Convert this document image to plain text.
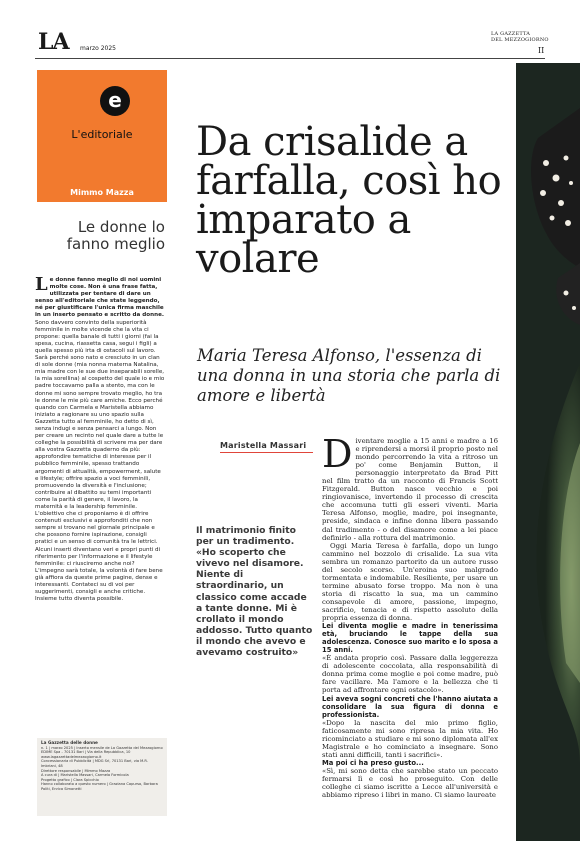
LA marzo 2025
LA GAZZETTA
DEL MEZZOGIORNO
II
e
L'editoriale
Mimmo Mazza
Le donne lo fanno meglio

Le donne fanno meglio di noi uomini molte cose. Non è una frase fatta, utilizzata per tentare di dare un senso all'editoriale che state leggendo, né per giustificare l'unica firma maschile in un inserto pensato e scritto da donne.

Sono davvero convinto della superiorità femminile in molte vicende che la vita ci propone: quella banale di tutti i giorni (fai la spesa, cucina, riassetta casa, segui i figli) a quella spesso più irta di ostacoli sul lavoro. Sarà perché sono nato e cresciuto in un clan di sole donne (mia nonna materna Natalina, mia madre con le sue due inseparabili sorelle, la mia sorellina) al cospetto del quale io e mio padre toccavamo palla a stento, ma con le donne mi sono sempre trovato meglio, ho tra le donne le mie più care amiche. Ecco perché quando con Carmela e Maristella abbiamo iniziato a ragionare su uno spazio sulla Gazzetta tutto al femminile, ho detto di sì, senza indugi e senza pensarci a lungo. Non per creare un recinto nel quale dare a tutte le colleghe la possibilità di scrivere ma per dare alla vostra Gazzetta quaderno da più: approfondire tematiche di interesse per il pubblico femminile, spesso trattando argomenti di attualità, empowerment, salute e lifestyle; offrire spazio a voci femminili, promuovendo la diversità e l'inclusione; contribuire al dibattito su temi importanti come la parità di genere, il lavoro, la maternità e la leadership femminile.

L'obiettivo che ci proponiamo è di offrire contenuti esclusivi e approfonditi che non sempre si trovano nel giornale principale e che possono fornire ispirazione, consigli pratici e un senso di comunità tra le lettrici.

Alcuni inserti diventano veri e propri punti di riferimento per l'informazione e il lifestyle femminile: ci riusciremo anche noi?

L'impegno sarà totale, la volontà di fare bene già affiora da queste prime pagine, dense e interessanti. Contateci su di voi per suggerimenti, consigli e anche critiche. Insieme tutto diventa possibile.

La Gazzetta delle donne
n. 1 | marzo 2025 | Inserto mensile de La Gazzetta del Mezzogiorno
EDIME Spa - 70131 Bari | Via della Repubblica, 10
www.lagazzettadelmezzogiorno.it
Concessionaria di Pubblicità | MDG Srl, 70131 Bari, via M.R. Imbriani, 48
Direttore responsabile | Mimmo Mazza
A cura di | Maristella Massari, Carmela Formicola
Progetto grafico | Clara Spicchio
Hanno collaborato a questo numero | Graziana Capurso, Barbara Politi, Enrica Simonetti
Da crisalide a farfalla, così ho imparato a volare
Maria Teresa Alfonso, l'essenza di una donna in una storia che parla di amore e libertà
Maristella Massari
Il matrimonio finito per un tradimento. «Ho scoperto che vivevo nel disamore. Niente di straordinario, un classico come accade a tante donne. Mi è crollato il mondo addosso. Tutto quanto il mondo che avevo e avevamo costruito»

Diventare moglie a 15 anni e madre a 16 e riprendersi a morsi il proprio posto nel mondo percorrendo la vita a ritroso un po' come Benjamin Button, il personaggio interpretato da Brad Pitt nel film tratto da un racconto di Francis Scott Fitzgerald. Button nasce vecchio e poi ringiovanisce, invertendo il processo di crescita che accomuna tutti gli esseri viventi. Maria Teresa Alfonso, moglie, madre, poi insegnante, preside, sindaca e infine donna libera passando dal tradimento - o del disamore come a lei piace definirlo - alla rottura del matrimonio.

Oggi Maria Teresa è farfalla, dopo un lungo cammino nel bozzolo di crisalide. La sua vita sembra un romanzo partorito da un autore russo del secolo scorso. Un'eroina suo malgrado tormentata e indomabile. Resiliente, per usare un termine abusato forse troppo. Ma non è una storia di riscatto la sua, ma un cammino consapevole di amore, passione, impegno, sacrificio, tenacia e di rispetto assoluto della propria essenza di donna.

Lei diventa moglie e madre in tenerissima età, bruciando le tappe della sua adolescenza. Conosce suo marito e lo sposa a 15 anni.

«È andata proprio così. Passare dalla leggerezza di adolescente coccolata, alla responsabilità di donna prima come moglie e poi come madre, può fare vacillare. Ma l'amore e la bellezza che ti porta ad affrontare ogni ostacolo».

Lei aveva sogni concreti che l'hanno aiutata a consolidare la sua figura di donna e professionista.

«Dopo la nascita del mio primo figlio, faticosamente mi sono ripresa la mia vita. Ho ricominciato a studiare e mi sono diplomata all'ex Magistrale e ho cominciato a insegnare. Sono stati anni difficili, tanti i sacrifici».

Ma poi ci ha preso gusto...

«Sì, mi sono detta che sarebbe stato un peccato fermarsi lì e così ho proseguito. Con delle colleghe ci siamo iscritte a Lecce all'università e abbiamo ripreso i libri in mano. Ci siamo laureate
